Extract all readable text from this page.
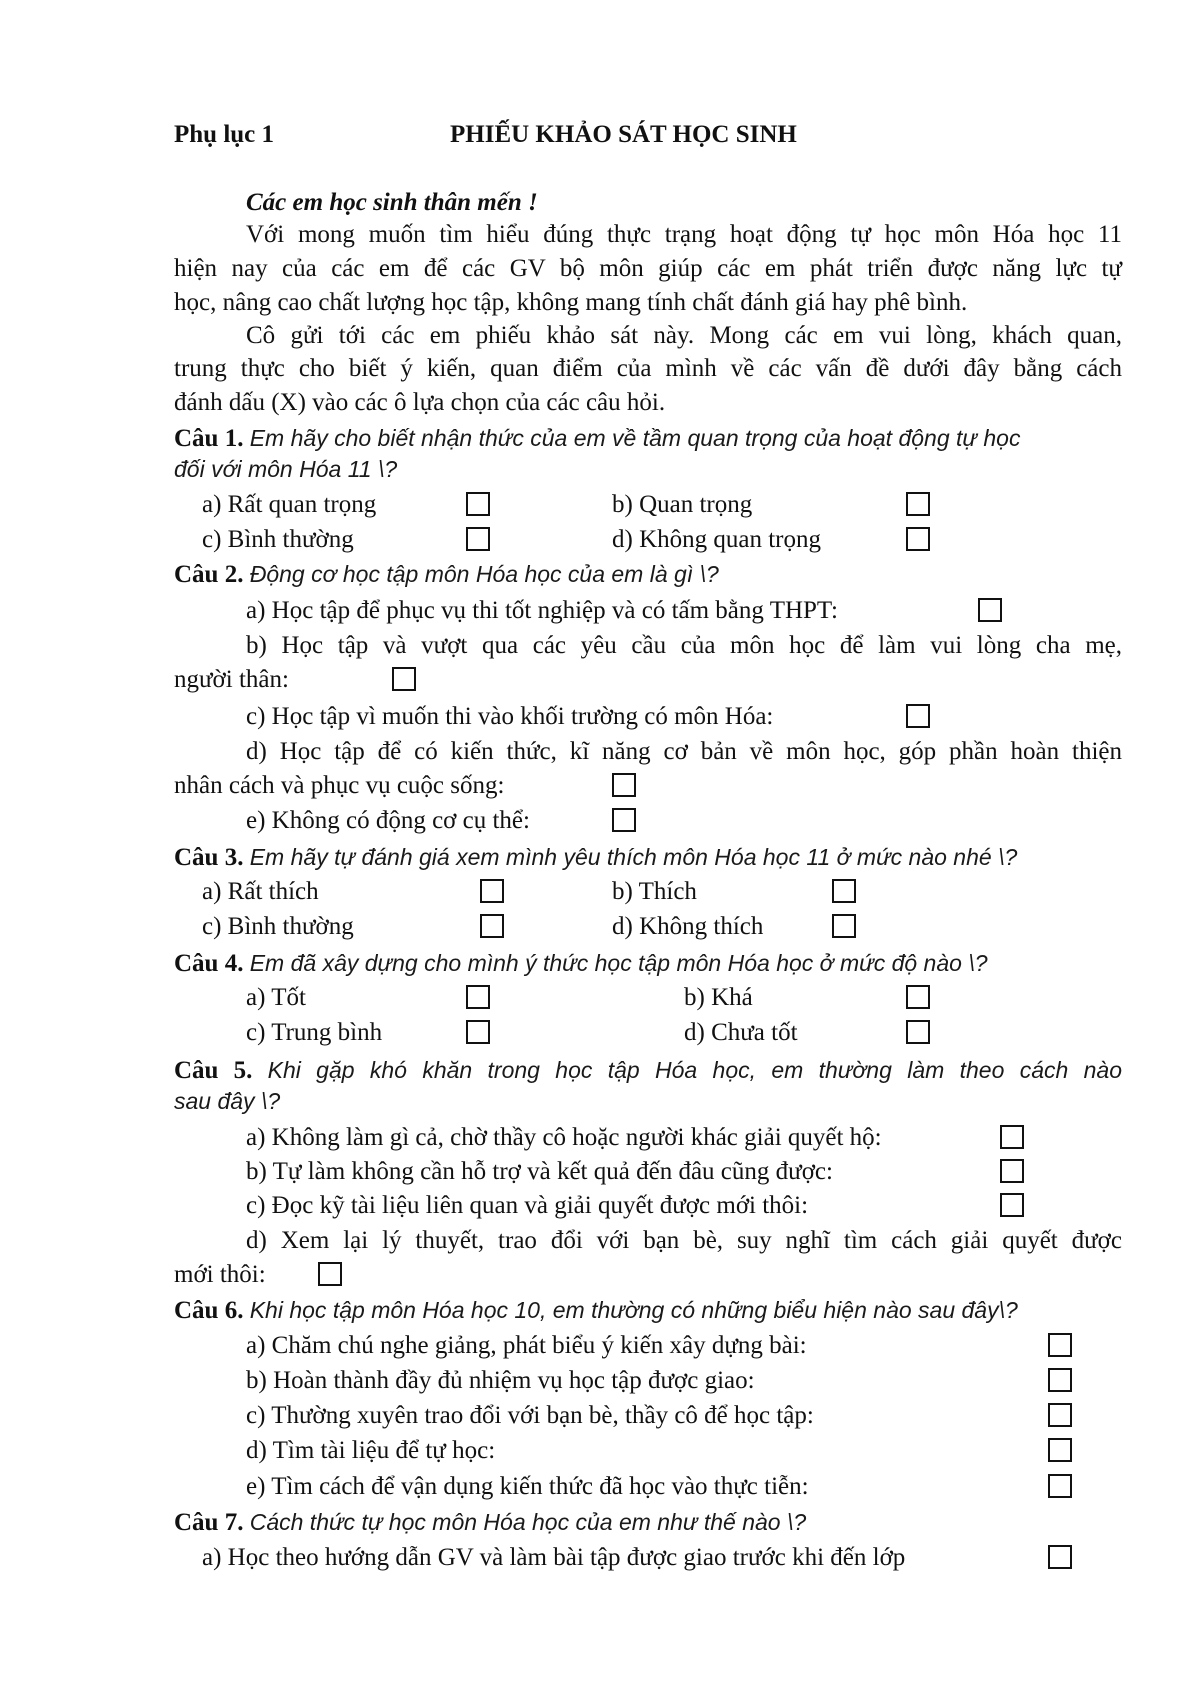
Phụ lục 1	PHIẾU KHẢO SÁT HỌC SINH
Các em học sinh thân mến !
Với mong muốn tìm hiểu đúng thực trạng hoạt động tự học môn Hóa học 11
hiện nay của các em để các GV bộ môn giúp các em phát triển được năng lực tự
học, nâng cao chất lượng học tập, không mang tính chất đánh giá hay phê bình.
Cô gửi tới các em phiếu khảo sát này. Mong các em vui lòng, khách quan,
trung thực cho biết ý kiến, quan điểm của mình về các vấn đề dưới đây bằng cách
đánh dấu (X) vào các ô lựa chọn của các câu hỏi.
Câu 1. Em hãy cho biết nhận thức của em về tầm quan trọng của hoạt động tự học
đối với môn Hóa 11 \?
a) Rất quan trọng	b) Quan trọng
c) Bình thường	d) Không quan trọng
Câu 2. Động cơ học tập môn Hóa học của em là gì \?
a) Học tập để phục vụ thi tốt nghiệp và có tấm bằng THPT:
b) Học tập và vượt qua các yêu cầu của môn học để làm vui lòng cha mẹ,
người thân:
c) Học tập vì muốn thi vào khối trường có môn Hóa:
d) Học tập để có kiến thức, kĩ năng cơ bản về môn học, góp phần hoàn thiện
nhân cách và phục vụ cuộc sống:
e) Không có động cơ cụ thể:
Câu 3. Em hãy tự đánh giá xem mình yêu thích môn Hóa học 11 ở mức nào nhé \?
a) Rất thích	b) Thích
c) Bình thường	d) Không thích
Câu 4. Em đã xây dựng cho mình ý thức học tập môn Hóa học ở mức độ nào \?
a) Tốt	b) Khá
c) Trung bình	d) Chưa tốt
Câu 5. Khi gặp khó khăn trong học tập Hóa học, em thường làm theo cách nào
sau đây \?
a) Không làm gì cả, chờ thầy cô hoặc người khác giải quyết hộ:
b) Tự làm không cần hỗ trợ và kết quả đến đâu cũng được:
c) Đọc kỹ tài liệu liên quan và giải quyết được mới thôi:
d) Xem lại lý thuyết, trao đổi với bạn bè, suy nghĩ tìm cách giải quyết được
mới thôi:
Câu 6. Khi học tập môn Hóa học 10, em thường có những biểu hiện nào sau đây\?
a) Chăm chú nghe giảng, phát biểu ý kiến xây dựng bài:
b) Hoàn thành đầy đủ nhiệm vụ học tập được giao:
c) Thường xuyên trao đổi với bạn bè, thầy cô để học tập:
d) Tìm tài liệu để tự học:
e) Tìm cách để vận dụng kiến thức đã học vào thực tiễn:
Câu 7. Cách thức tự học môn Hóa học của em như thế nào \?
a) Học theo hướng dẫn GV và làm bài tập được giao trước khi đến lớp
